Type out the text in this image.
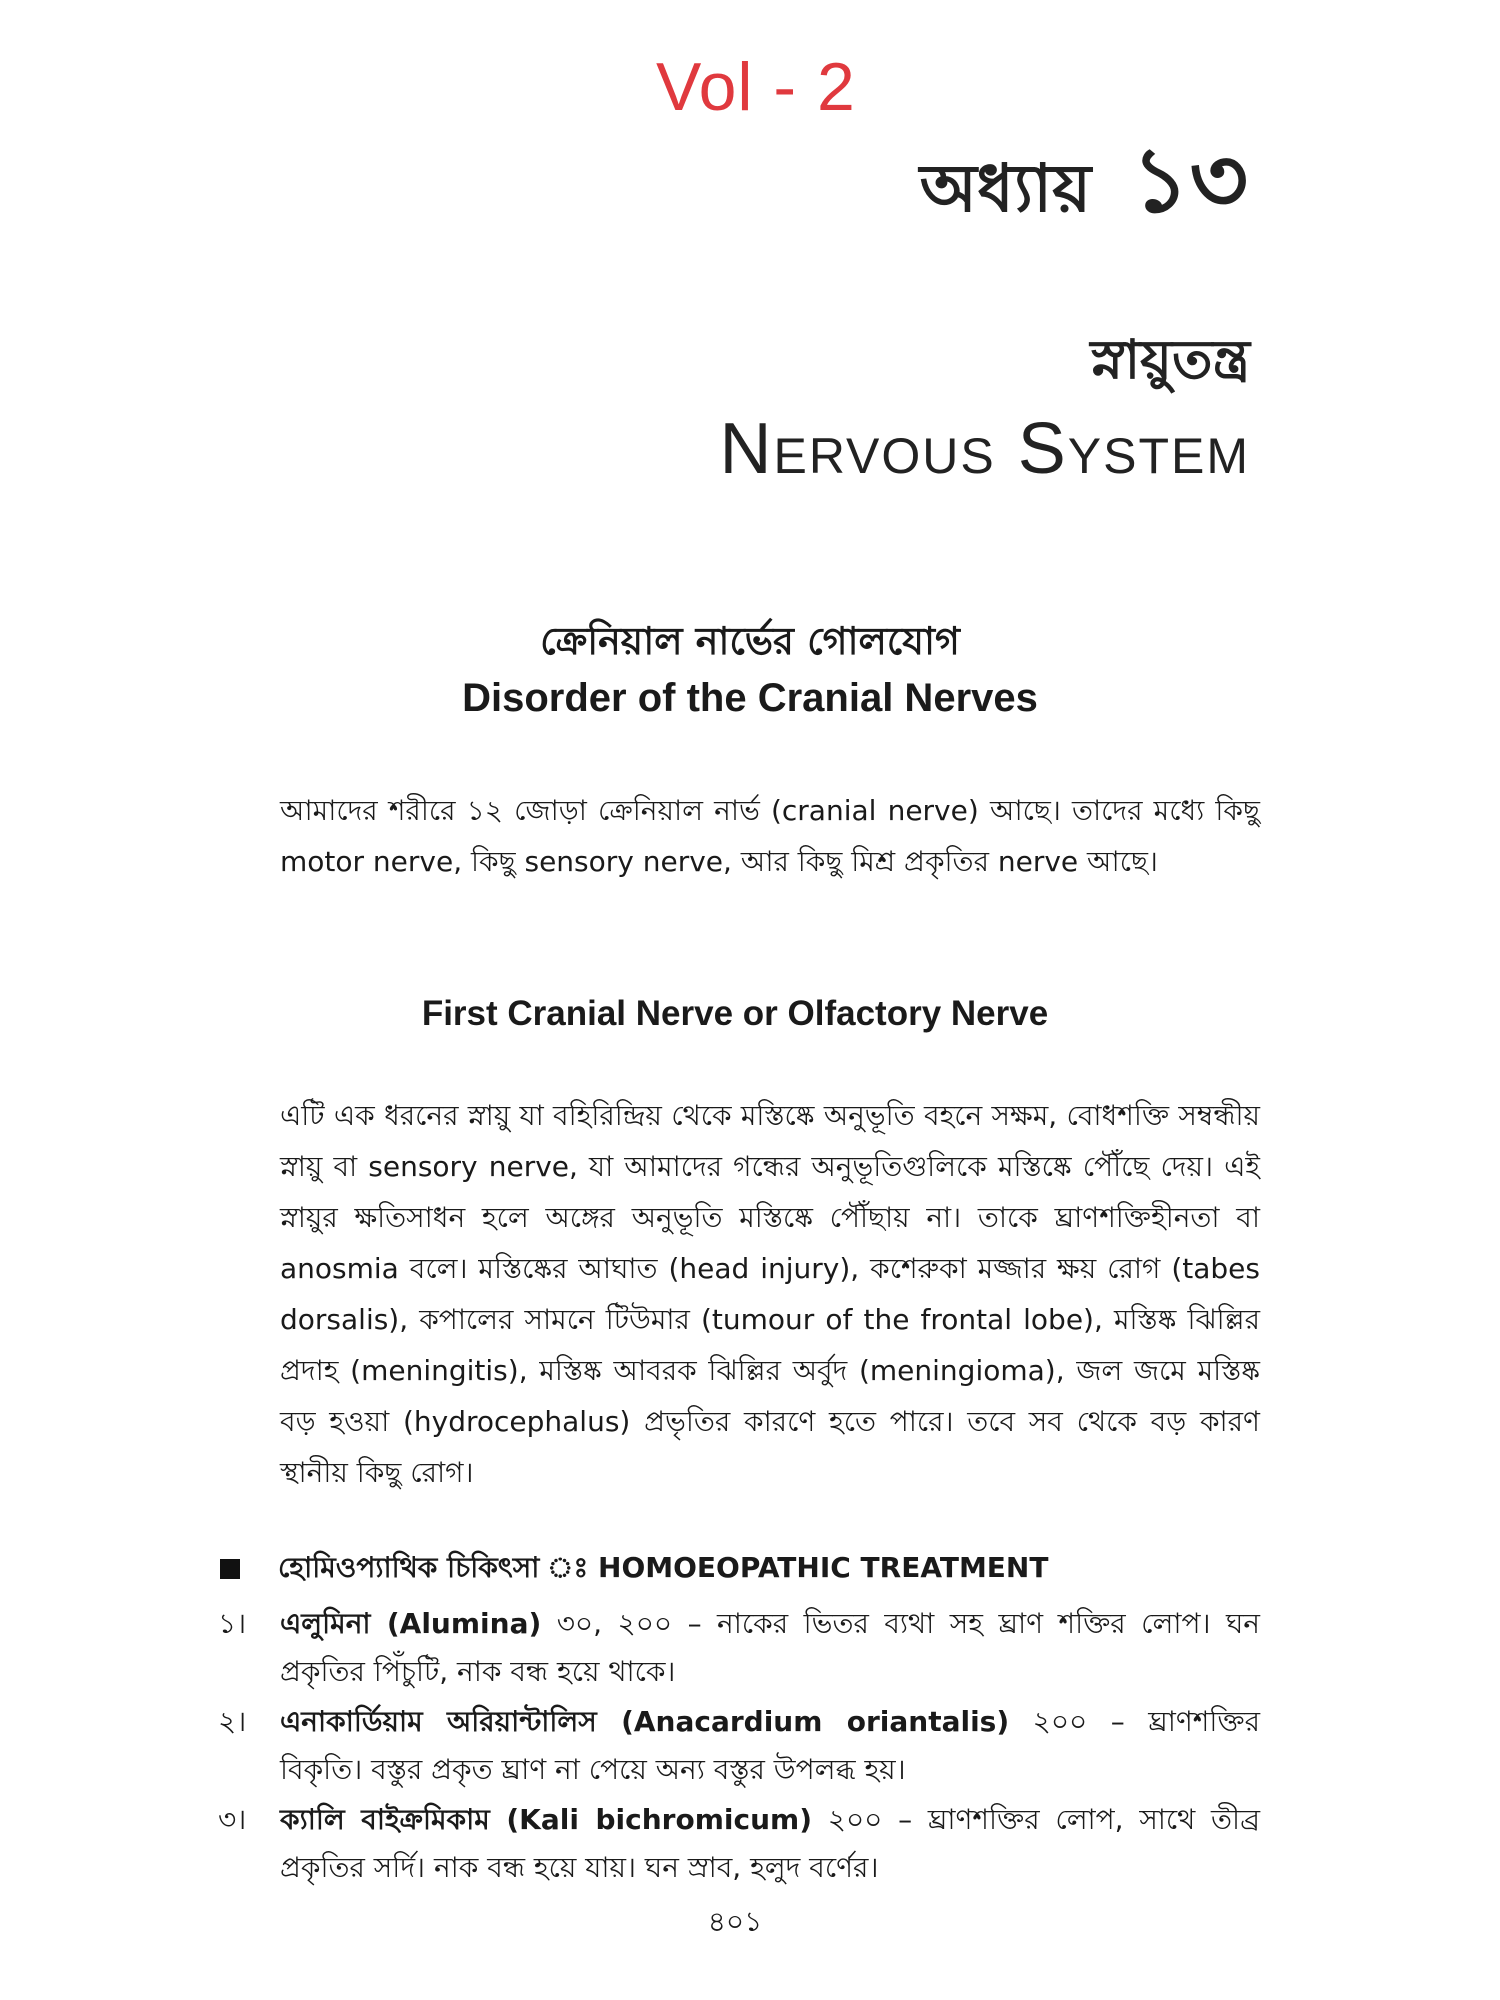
Vol - 2
অধ্যায় ১৩
স্নায়ুতন্ত্র
Nervous System
ক্রেনিয়াল নার্ভের গোলযোগ
Disorder of the Cranial Nerves
আমাদের শরীরে ১২ জোড়া ক্রেনিয়াল নার্ভ (cranial nerve) আছে। তাদের মধ্যে কিছু motor nerve, কিছু sensory nerve, আর কিছু মিশ্র প্রকৃতির nerve আছে।
First Cranial Nerve or Olfactory Nerve
এটি এক ধরনের স্নায়ু যা বহিরিন্দ্রিয় থেকে মস্তিষ্কে অনুভূতি বহনে সক্ষম, বোধশক্তি সম্বন্ধীয় স্নায়ু বা sensory nerve, যা আমাদের গন্ধের অনুভূতিগুলিকে মস্তিষ্কে পৌঁছে দেয়। এই স্নায়ুর ক্ষতিসাধন হলে অঙ্গের অনুভূতি মস্তিষ্কে পৌঁছায় না। তাকে ঘ্রাণশক্তিহীনতা বা anosmia বলে। মস্তিষ্কের আঘাত (head injury), কশেরুকা মজ্জার ক্ষয় রোগ (tabes dorsalis), কপালের সামনে টিউমার (tumour of the frontal lobe), মস্তিষ্ক ঝিল্লির প্রদাহ (meningitis), মস্তিষ্ক আবরক ঝিল্লির অর্বুদ (meningioma), জল জমে মস্তিষ্ক বড় হওয়া (hydrocephalus) প্রভৃতির কারণে হতে পারে। তবে সব থেকে বড় কারণ স্থানীয় কিছু রোগ।
হোমিওপ্যাথিক চিকিৎসা ঃ HOMOEOPATHIC TREATMENT
১।	এলুমিনা (Alumina) ৩০, ২০০ – নাকের ভিতর ব্যথা সহ ঘ্রাণ শক্তির লোপ। ঘন প্রকৃতির পিঁচুটি, নাক বন্ধ হয়ে থাকে।
২।	এনাকার্ডিয়াম অরিয়ান্টালিস (Anacardium oriantalis) ২০০ – ঘ্রাণশক্তির বিকৃতি। বস্তুর প্রকৃত ঘ্রাণ না পেয়ে অন্য বস্তুর উপলব্ধ হয়।
৩।	ক্যালি বাইক্রমিকাম (Kali bichromicum) ২০০ – ঘ্রাণশক্তির লোপ, সাথে তীব্র প্রকৃতির সর্দি। নাক বন্ধ হয়ে যায়। ঘন স্রাব, হলুদ বর্ণের।
৪০১
